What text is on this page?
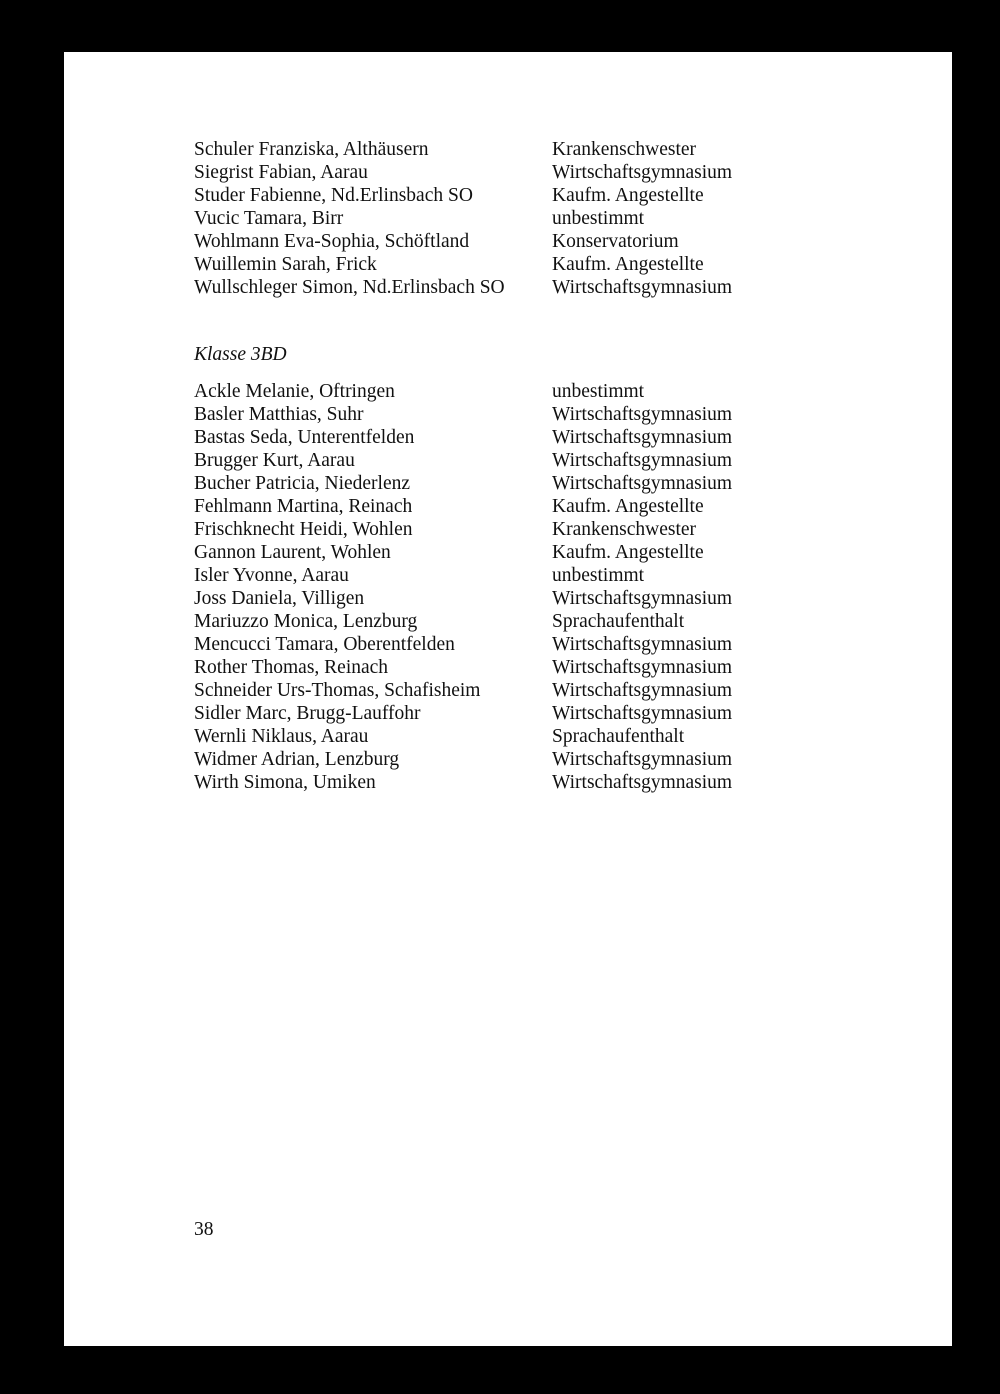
Schuler Franziska, Althäusern	Krankenschwester
Siegrist Fabian, Aarau	Wirtschaftsgymnasium
Studer Fabienne, Nd.Erlinsbach SO	Kaufm. Angestellte
Vucic Tamara, Birr	unbestimmt
Wohlmann Eva-Sophia, Schöftland	Konservatorium
Wuillemin Sarah, Frick	Kaufm. Angestellte
Wullschleger Simon, Nd.Erlinsbach SO	Wirtschaftsgymnasium
Klasse 3BD
Ackle Melanie, Oftringen	unbestimmt
Basler Matthias, Suhr	Wirtschaftsgymnasium
Bastas Seda, Unterentfelden	Wirtschaftsgymnasium
Brugger Kurt, Aarau	Wirtschaftsgymnasium
Bucher Patricia, Niederlenz	Wirtschaftsgymnasium
Fehlmann Martina, Reinach	Kaufm. Angestellte
Frischknecht Heidi, Wohlen	Krankenschwester
Gannon Laurent, Wohlen	Kaufm. Angestellte
Isler Yvonne, Aarau	unbestimmt
Joss Daniela, Villigen	Wirtschaftsgymnasium
Mariuzzo Monica, Lenzburg	Sprachaufenthalt
Mencucci Tamara, Oberentfelden	Wirtschaftsgymnasium
Rother Thomas, Reinach	Wirtschaftsgymnasium
Schneider Urs-Thomas, Schafisheim	Wirtschaftsgymnasium
Sidler Marc, Brugg-Lauffohr	Wirtschaftsgymnasium
Wernli Niklaus, Aarau	Sprachaufenthalt
Widmer Adrian, Lenzburg	Wirtschaftsgymnasium
Wirth Simona, Umiken	Wirtschaftsgymnasium
38
